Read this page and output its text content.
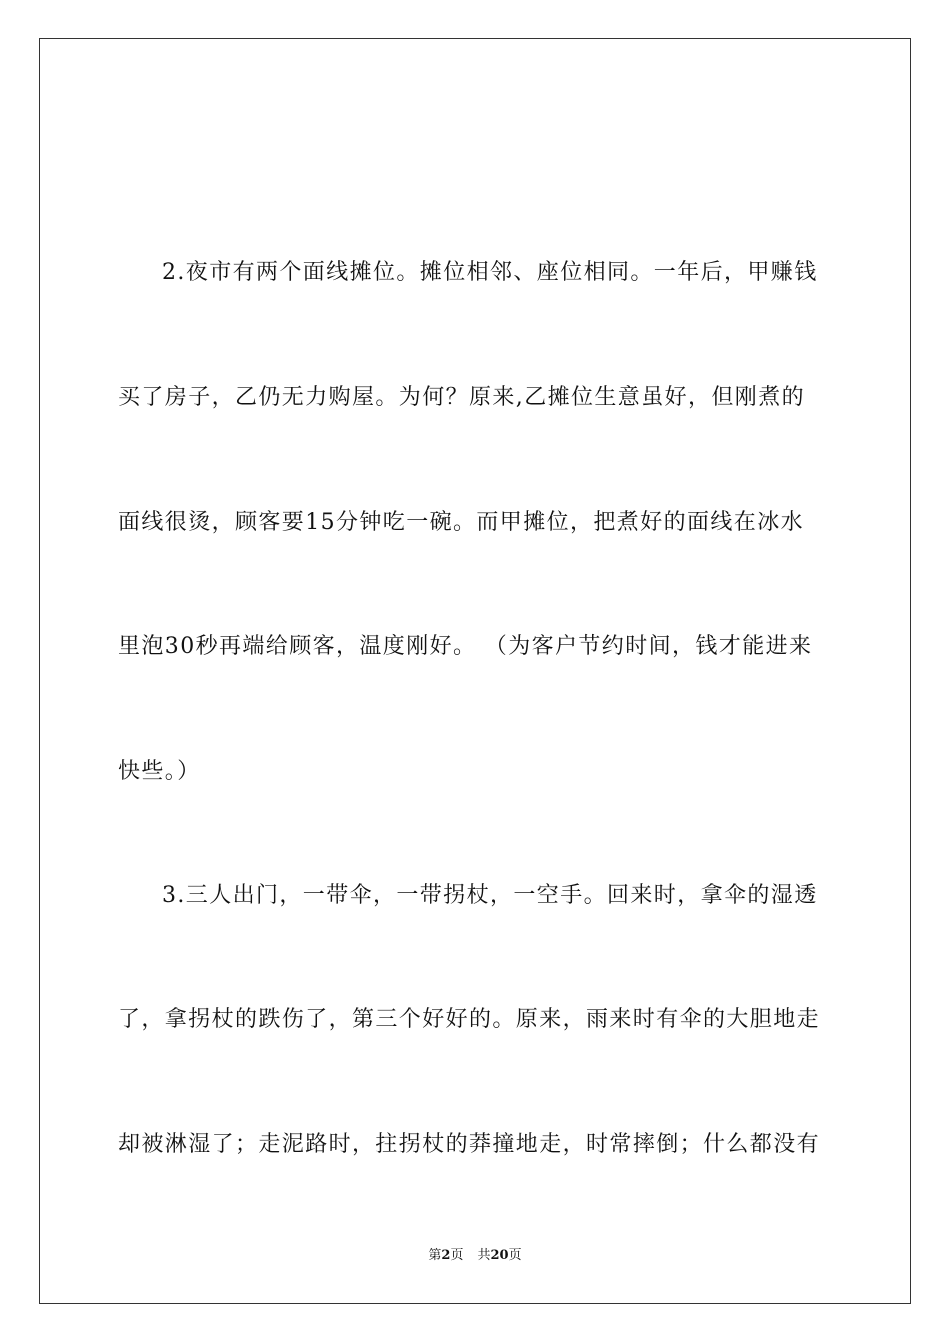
2.夜市有两个面线摊位。摊位相邻、座位相同。一年后，甲赚钱
买了房子，乙仍无力购屋。为何？原来,乙摊位生意虽好，但刚煮的
面线很烫，顾客要15分钟吃一碗。而甲摊位，把煮好的面线在冰水
里泡30秒再端给顾客，温度刚好。 （为客户节约时间，钱才能进来
快些。）
3.三人出门，一带伞，一带拐杖，一空手。回来时，拿伞的湿透
了，拿拐杖的跌伤了，第三个好好的。原来，雨来时有伞的大胆地走
却被淋湿了；走泥路时，拄拐杖的莽撞地走，时常摔倒；什么都没有
第2页 共20页
